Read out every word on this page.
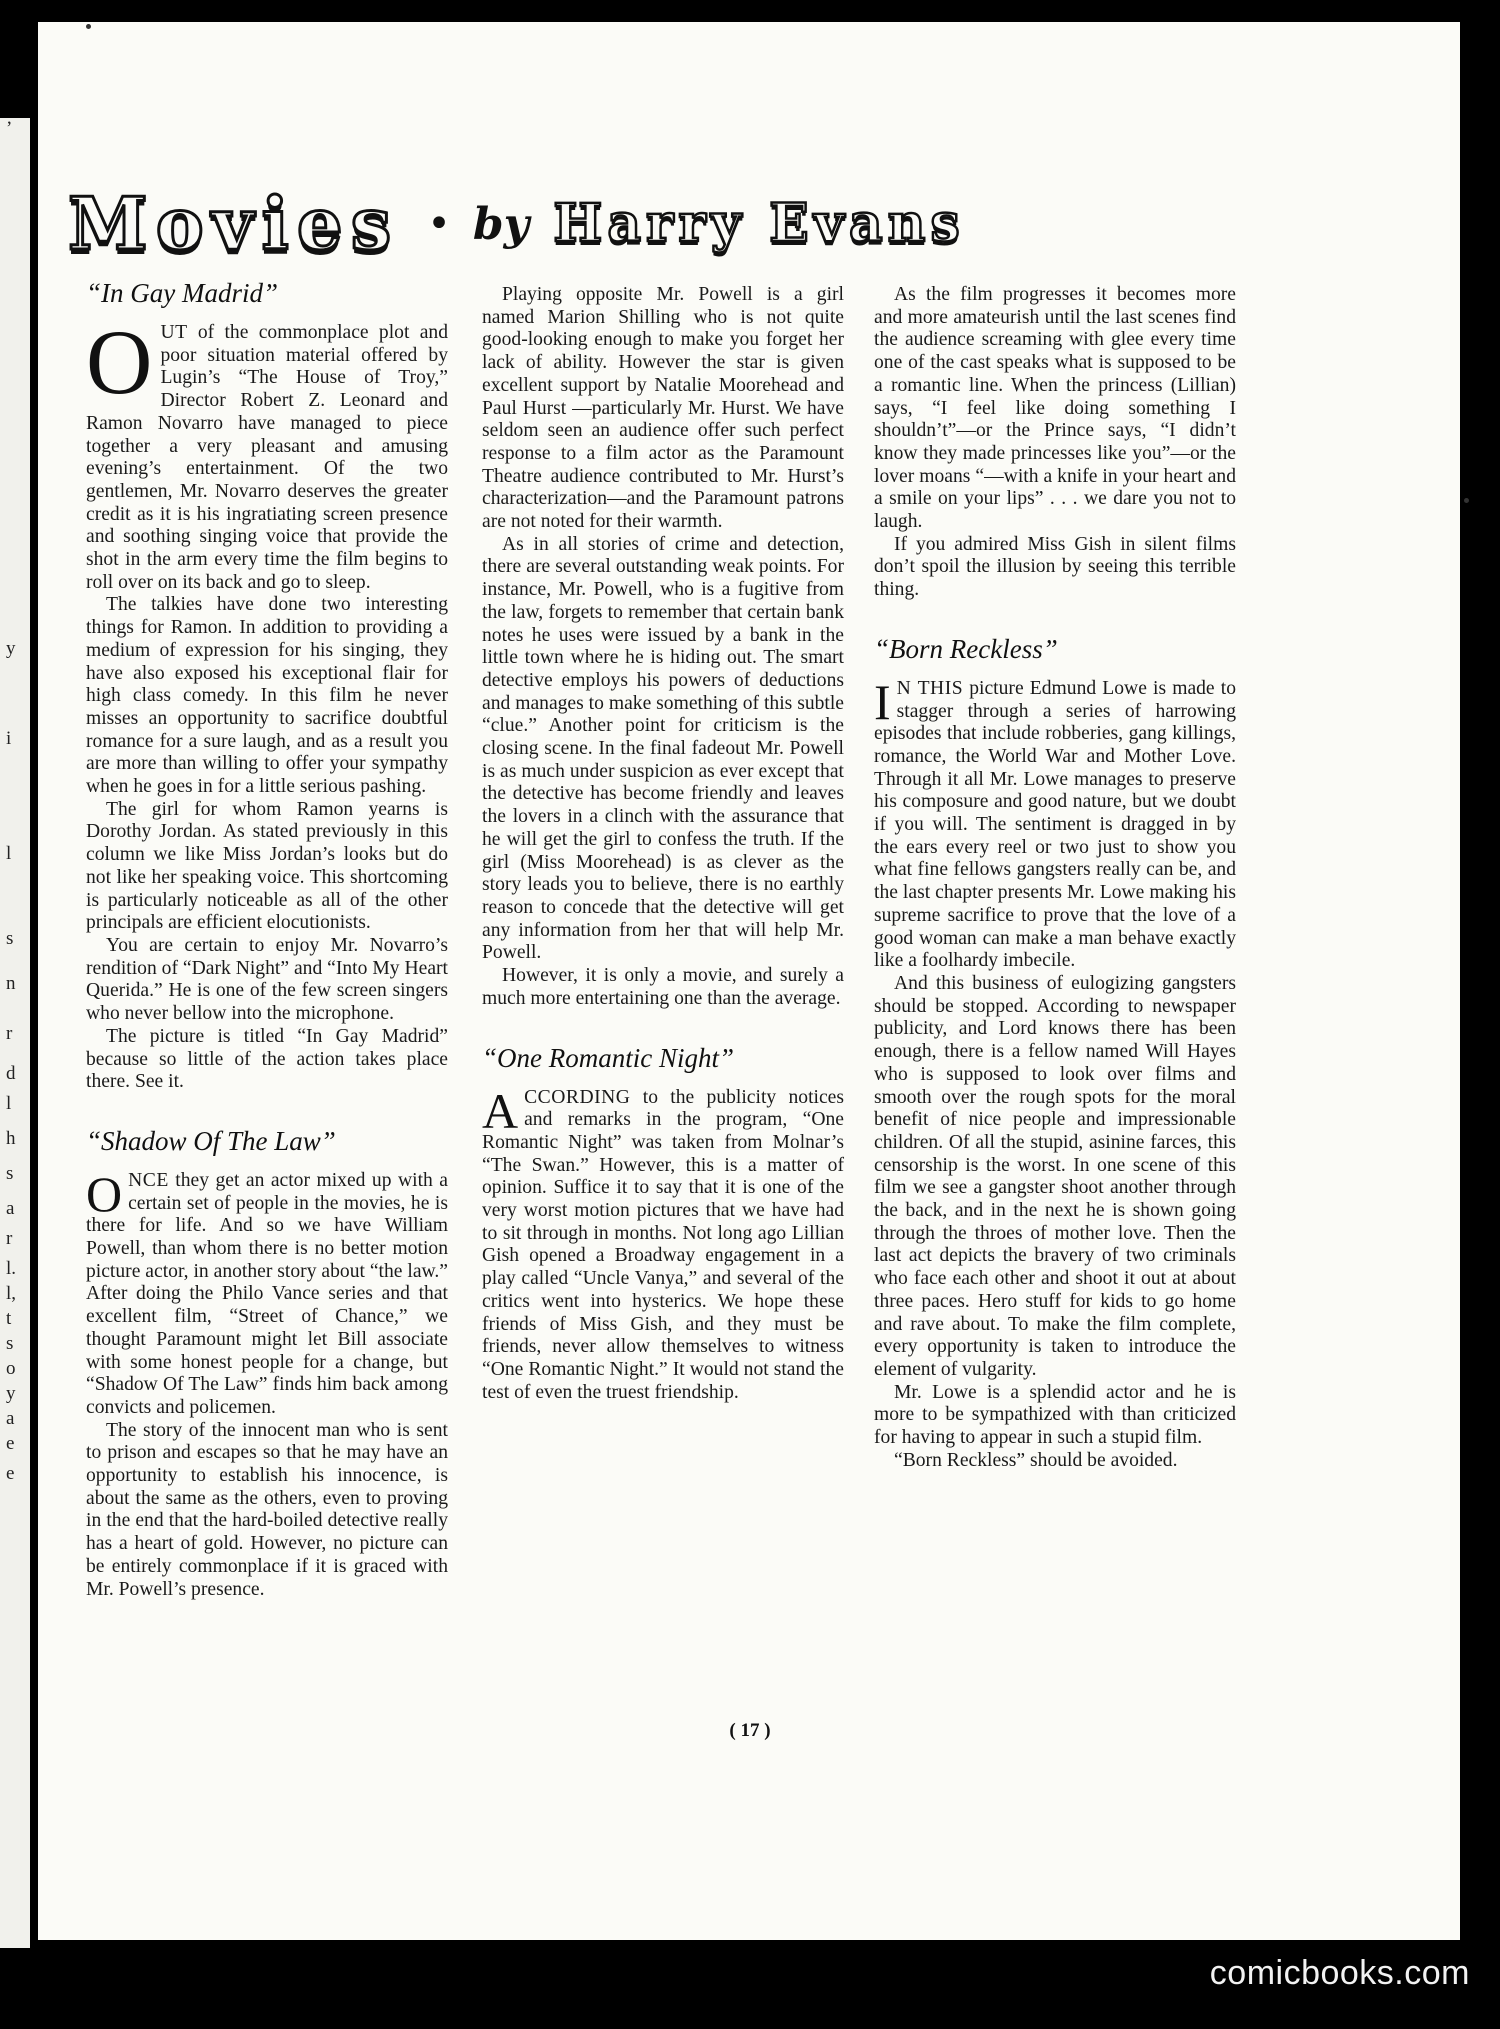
ʼ
y
i
l
s
n
r
d
l
h
s
a
r
l.
l,
t
s
o
y
a
e
e
Movies • by Harry Evans
“In Gay Madrid”

OUT of the commonplace plot and poor situation material offered by Lugin’s “The House of Troy,” Director Robert Z. Leonard and Ramon Novarro have managed to piece together a very pleasant and amusing evening’s entertainment. Of the two gentlemen, Mr. Novarro deserves the greater credit as it is his ingratiating screen presence and soothing singing voice that provide the shot in the arm every time the film begins to roll over on its back and go to sleep.

The talkies have done two interesting things for Ramon. In addition to providing a medium of expression for his singing, they have also exposed his exceptional flair for high class comedy. In this film he never misses an opportunity to sacrifice doubtful romance for a sure laugh, and as a result you are more than willing to offer your sympathy when he goes in for a little serious pashing.

The girl for whom Ramon yearns is Dorothy Jordan. As stated previously in this column we like Miss Jordan’s looks but do not like her speaking voice. This shortcoming is particularly noticeable as all of the other principals are efficient elocutionists.

You are certain to enjoy Mr. Novarro’s rendition of “Dark Night” and “Into My Heart Querida.” He is one of the few screen singers who never bellow into the microphone.

The picture is titled “In Gay Madrid” because so little of the action takes place there. See it.

“Shadow Of The Law”

ONCE they get an actor mixed up with a certain set of people in the movies, he is there for life. And so we have William Powell, than whom there is no better motion picture actor, in another story about “the law.” After doing the Philo Vance series and that excellent film, “Street of Chance,” we thought Paramount might let Bill associate with some honest people for a change, but “Shadow Of The Law” finds him back among convicts and policemen.

The story of the innocent man who is sent to prison and escapes so that he may have an opportunity to establish his innocence, is about the same as the others, even to proving in the end that the hard-boiled detective really has a heart of gold. However, no picture can be entirely commonplace if it is graced with Mr. Powell’s presence.

Playing opposite Mr. Powell is a girl named Marion Shilling who is not quite good-looking enough to make you forget her lack of ability. However the star is given excellent support by Natalie Moorehead and Paul Hurst —particularly Mr. Hurst. We have seldom seen an audience offer such perfect response to a film actor as the Paramount Theatre audience contributed to Mr. Hurst’s characterization—and the Paramount patrons are not noted for their warmth.

As in all stories of crime and detection, there are several outstanding weak points. For instance, Mr. Powell, who is a fugitive from the law, forgets to remember that certain bank notes he uses were issued by a bank in the little town where he is hiding out. The smart detective employs his powers of deductions and manages to make something of this subtle “clue.” Another point for criticism is the closing scene. In the final fadeout Mr. Powell is as much under suspicion as ever except that the detective has become friendly and leaves the lovers in a clinch with the assurance that he will get the girl to confess the truth. If the girl (Miss Moorehead) is as clever as the story leads you to believe, there is no earthly reason to concede that the detective will get any information from her that will help Mr. Powell.

However, it is only a movie, and surely a much more entertaining one than the average.

“One Romantic Night”

ACCORDING to the publicity notices and remarks in the program, “One Romantic Night” was taken from Molnar’s “The Swan.” However, this is a matter of opinion. Suffice it to say that it is one of the very worst motion pictures that we have had to sit through in months. Not long ago Lillian Gish opened a Broadway engagement in a play called “Uncle Vanya,” and several of the critics went into hysterics. We hope these friends of Miss Gish, and they must be friends, never allow themselves to witness “One Romantic Night.” It would not stand the test of even the truest friendship.

As the film progresses it becomes more and more amateurish until the last scenes find the audience screaming with glee every time one of the cast speaks what is supposed to be a romantic line. When the princess (Lillian) says, “I feel like doing something I shouldn’t”—or the Prince says, “I didn’t know they made princesses like you”—or the lover moans “—with a knife in your heart and a smile on your lips” . . . we dare you not to laugh.

If you admired Miss Gish in silent films don’t spoil the illusion by seeing this terrible thing.

“Born Reckless”

I N THIS picture Edmund Lowe is made to stagger through a series of harrowing episodes that include robberies, gang killings, romance, the World War and Mother Love. Through it all Mr. Lowe manages to preserve his composure and good nature, but we doubt if you will. The sentiment is dragged in by the ears every reel or two just to show you what fine fellows gangsters really can be, and the last chapter presents Mr. Lowe making his supreme sacrifice to prove that the love of a good woman can make a man behave exactly like a foolhardy imbecile.

And this business of eulogizing gangsters should be stopped. According to newspaper publicity, and Lord knows there has been enough, there is a fellow named Will Hayes who is supposed to look over films and smooth over the rough spots for the moral benefit of nice people and impressionable children. Of all the stupid, asinine farces, this censorship is the worst. In one scene of this film we see a gangster shoot another through the back, and in the next he is shown going through the throes of mother love. Then the last act depicts the bravery of two criminals who face each other and shoot it out at about three paces. Hero stuff for kids to go home and rave about. To make the film complete, every opportunity is taken to introduce the element of vulgarity.

Mr. Lowe is a splendid actor and he is more to be sympathized with than criticized for having to appear in such a stupid film.

“Born Reckless” should be avoided.

( 17 )
comicbooks.com
